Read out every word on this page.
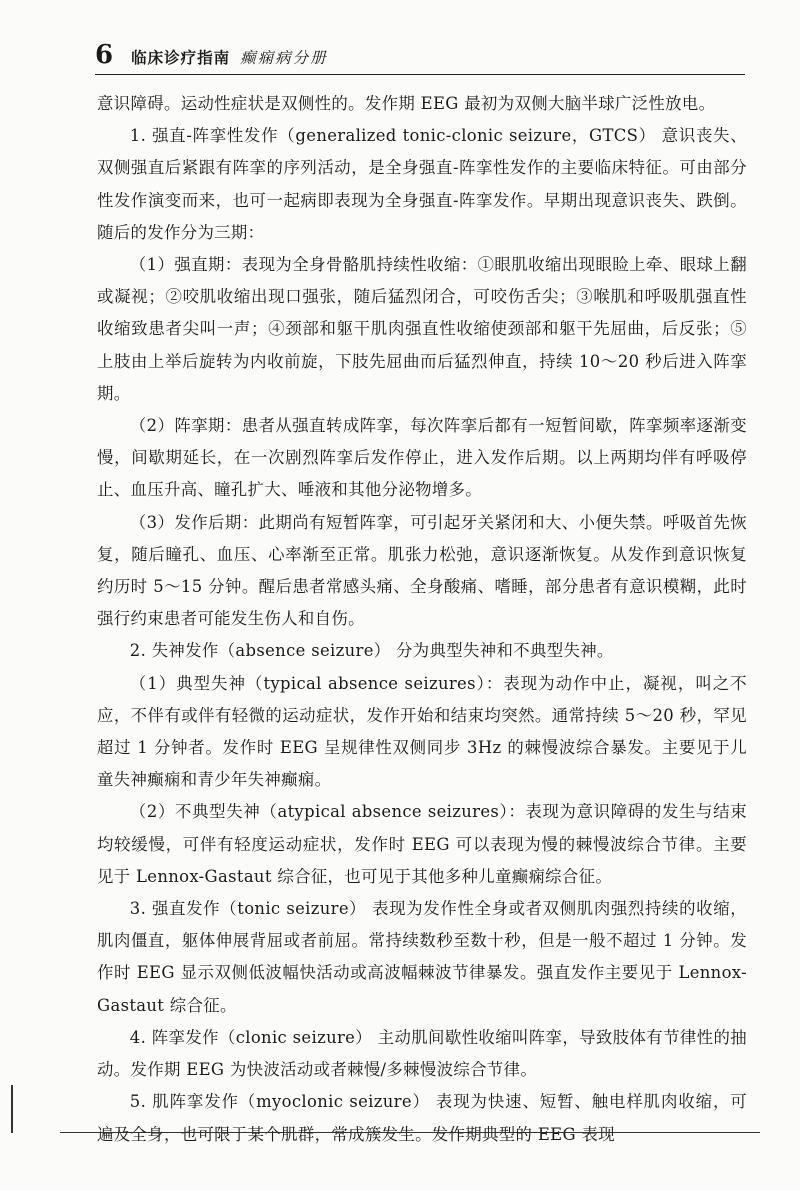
6 临床诊疗指南 癫痫病分册

意识障碍。运动性症状是双侧性的。发作期 EEG 最初为双侧大脑半球广泛性放电。

1. 强直-阵挛性发作（generalized tonic-clonic seizure，GTCS） 意识丧失、双侧强直后紧跟有阵挛的序列活动，是全身强直-阵挛性发作的主要临床特征。可由部分性发作演变而来，也可一起病即表现为全身强直-阵挛发作。早期出现意识丧失、跌倒。随后的发作分为三期：

（1）强直期：表现为全身骨骼肌持续性收缩：①眼肌收缩出现眼睑上牵、眼球上翻或凝视；②咬肌收缩出现口强张，随后猛烈闭合，可咬伤舌尖；③喉肌和呼吸肌强直性收缩致患者尖叫一声；④颈部和躯干肌肉强直性收缩使颈部和躯干先屈曲，后反张；⑤上肢由上举后旋转为内收前旋，下肢先屈曲而后猛烈伸直，持续 10～20 秒后进入阵挛期。

（2）阵挛期：患者从强直转成阵挛，每次阵挛后都有一短暂间歇，阵挛频率逐渐变慢，间歇期延长，在一次剧烈阵挛后发作停止，进入发作后期。以上两期均伴有呼吸停止、血压升高、瞳孔扩大、唾液和其他分泌物增多。

（3）发作后期：此期尚有短暂阵挛，可引起牙关紧闭和大、小便失禁。呼吸首先恢复，随后瞳孔、血压、心率渐至正常。肌张力松弛，意识逐渐恢复。从发作到意识恢复约历时 5～15 分钟。醒后患者常感头痛、全身酸痛、嗜睡，部分患者有意识模糊，此时强行约束患者可能发生伤人和自伤。

2. 失神发作（absence seizure） 分为典型失神和不典型失神。

（1）典型失神（typical absence seizures）：表现为动作中止，凝视，叫之不应，不伴有或伴有轻微的运动症状，发作开始和结束均突然。通常持续 5～20 秒，罕见超过 1 分钟者。发作时 EEG 呈规律性双侧同步 3Hz 的棘慢波综合暴发。主要见于儿童失神癫痫和青少年失神癫痫。

（2）不典型失神（atypical absence seizures）：表现为意识障碍的发生与结束均较缓慢，可伴有轻度运动症状，发作时 EEG 可以表现为慢的棘慢波综合节律。主要见于 Lennox-Gastaut 综合征，也可见于其他多种儿童癫痫综合征。

3. 强直发作（tonic seizure） 表现为发作性全身或者双侧肌肉强烈持续的收缩，肌肉僵直，躯体伸展背屈或者前屈。常持续数秒至数十秒，但是一般不超过 1 分钟。发作时 EEG 显示双侧低波幅快活动或高波幅棘波节律暴发。强直发作主要见于 Lennox-Gastaut 综合征。

4. 阵挛发作（clonic seizure） 主动肌间歇性收缩叫阵挛，导致肢体有节律性的抽动。发作期 EEG 为快波活动或者棘慢/多棘慢波综合节律。

5. 肌阵挛发作（myoclonic seizure） 表现为快速、短暂、触电样肌肉收缩，可遍及全身，也可限于某个肌群，常成簇发生。发作期典型的 EEG 表现
